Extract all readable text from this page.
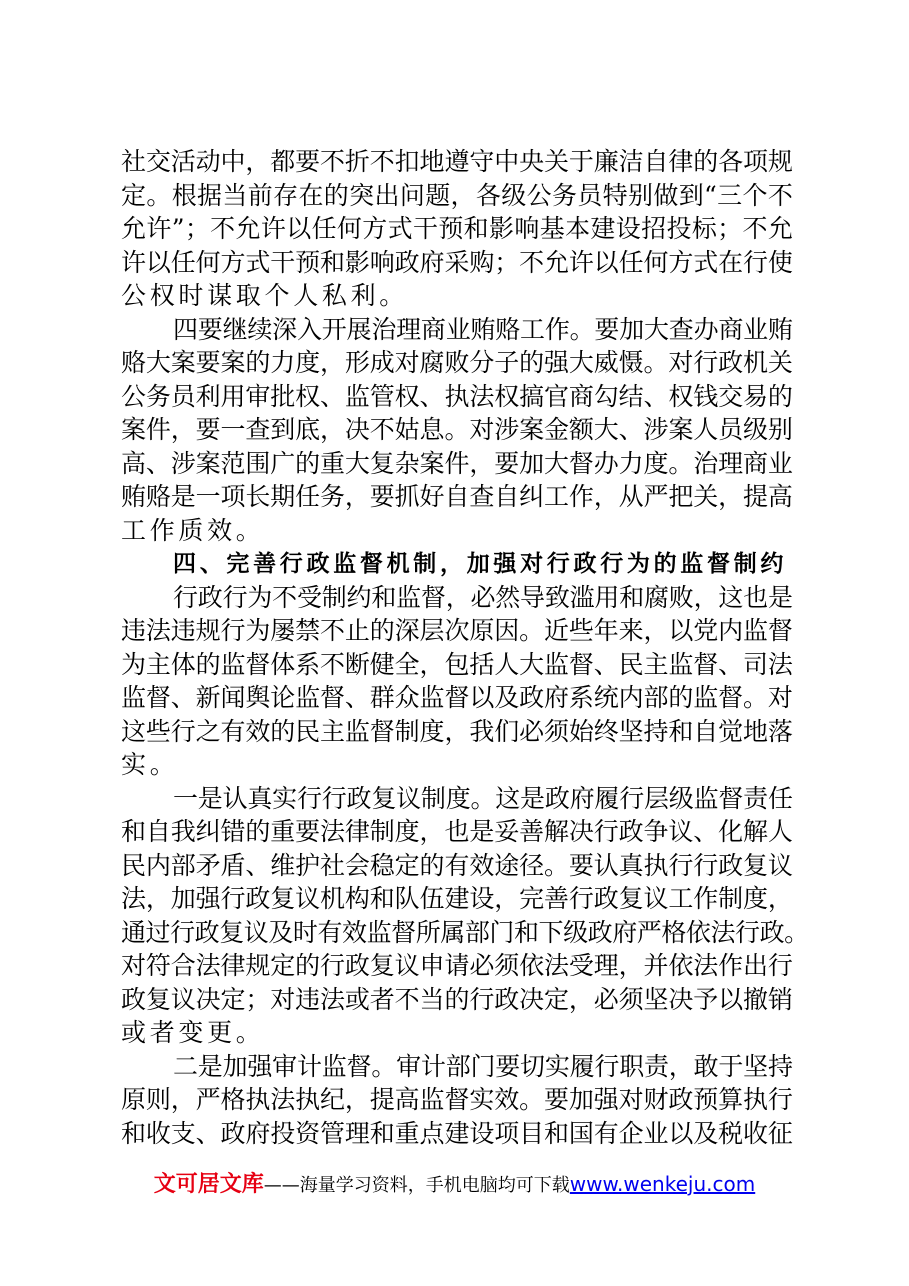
社交活动中，都要不折不扣地遵守中央关于廉洁自律的各项规
定。根据当前存在的突出问题，各级公务员特别做到“三个不
允许”；不允许以任何方式干预和影响基本建设招投标；不允
许以任何方式干预和影响政府采购；不允许以任何方式在行使
公权时谋取个人私利。
四要继续深入开展治理商业贿赂工作。要加大查办商业贿
赂大案要案的力度，形成对腐败分子的强大威慑。对行政机关
公务员利用审批权、监管权、执法权搞官商勾结、权钱交易的
案件，要一查到底，决不姑息。对涉案金额大、涉案人员级别
高、涉案范围广的重大复杂案件，要加大督办力度。治理商业
贿赂是一项长期任务，要抓好自查自纠工作，从严把关，提高
工作质效。
四、完善行政监督机制，加强对行政行为的监督制约
行政行为不受制约和监督，必然导致滥用和腐败，这也是
违法违规行为屡禁不止的深层次原因。近些年来，以党内监督
为主体的监督体系不断健全，包括人大监督、民主监督、司法
监督、新闻舆论监督、群众监督以及政府系统内部的监督。对
这些行之有效的民主监督制度，我们必须始终坚持和自觉地落
实。
一是认真实行行政复议制度。这是政府履行层级监督责任
和自我纠错的重要法律制度，也是妥善解决行政争议、化解人
民内部矛盾、维护社会稳定的有效途径。要认真执行行政复议
法，加强行政复议机构和队伍建设，完善行政复议工作制度，
通过行政复议及时有效监督所属部门和下级政府严格依法行政。
对符合法律规定的行政复议申请必须依法受理，并依法作出行
政复议决定；对违法或者不当的行政决定，必须坚决予以撤销
或者变更。
二是加强审计监督。审计部门要切实履行职责，敢于坚持
原则，严格执法执纪，提高监督实效。要加强对财政预算执行
和收支、政府投资管理和重点建设项目和国有企业以及税收征
文可居文库——海量学习资料，手机电脑均可下载www.wenkeju.com
